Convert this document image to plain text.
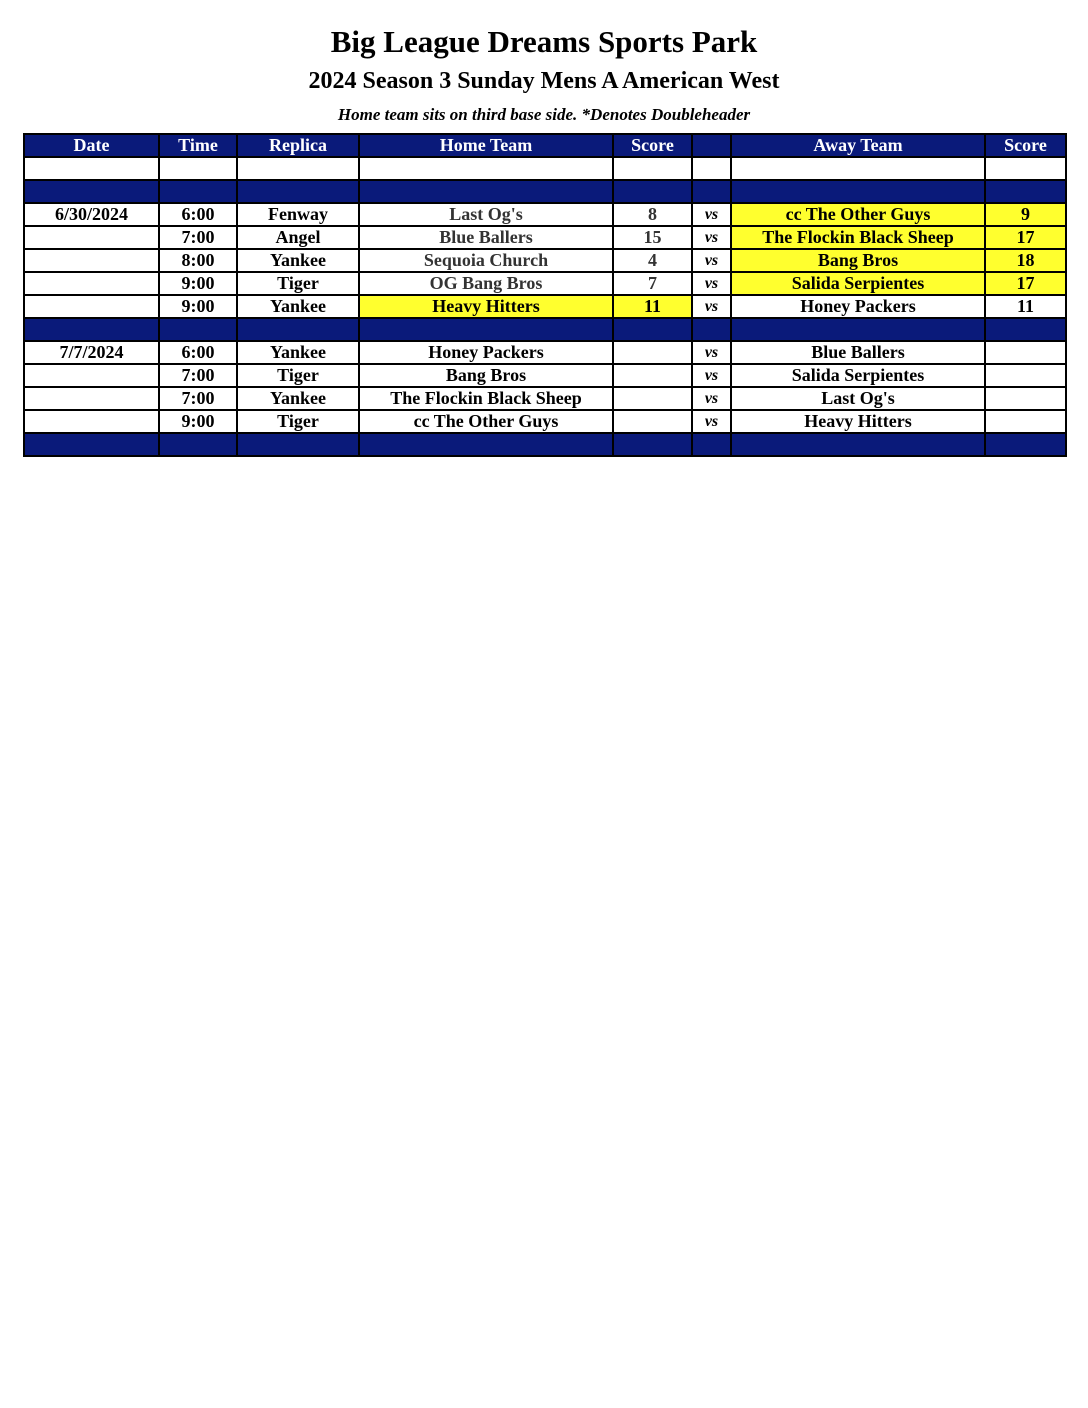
Big League Dreams Sports Park
2024 Season 3 Sunday Mens A American West
Home team sits on third base side. *Denotes Doubleheader
Date	Time	Replica	Home Team	Score		Away Team	Score

6/30/2024	6:00	Fenway	Last Og's	8	vs	cc The Other Guys	9
	7:00	Angel	Blue Ballers	15	vs	The Flockin Black Sheep	17
	8:00	Yankee	Sequoia Church	4	vs	Bang Bros	18
	9:00	Tiger	OG Bang Bros	7	vs	Salida Serpientes	17
	9:00	Yankee	Heavy Hitters	11	vs	Honey Packers	11

7/7/2024	6:00	Yankee	Honey Packers		vs	Blue Ballers	
	7:00	Tiger	Bang Bros		vs	Salida Serpientes	
	7:00	Yankee	The Flockin Black Sheep		vs	Last Og's	
	9:00	Tiger	cc The Other Guys		vs	Heavy Hitters	
